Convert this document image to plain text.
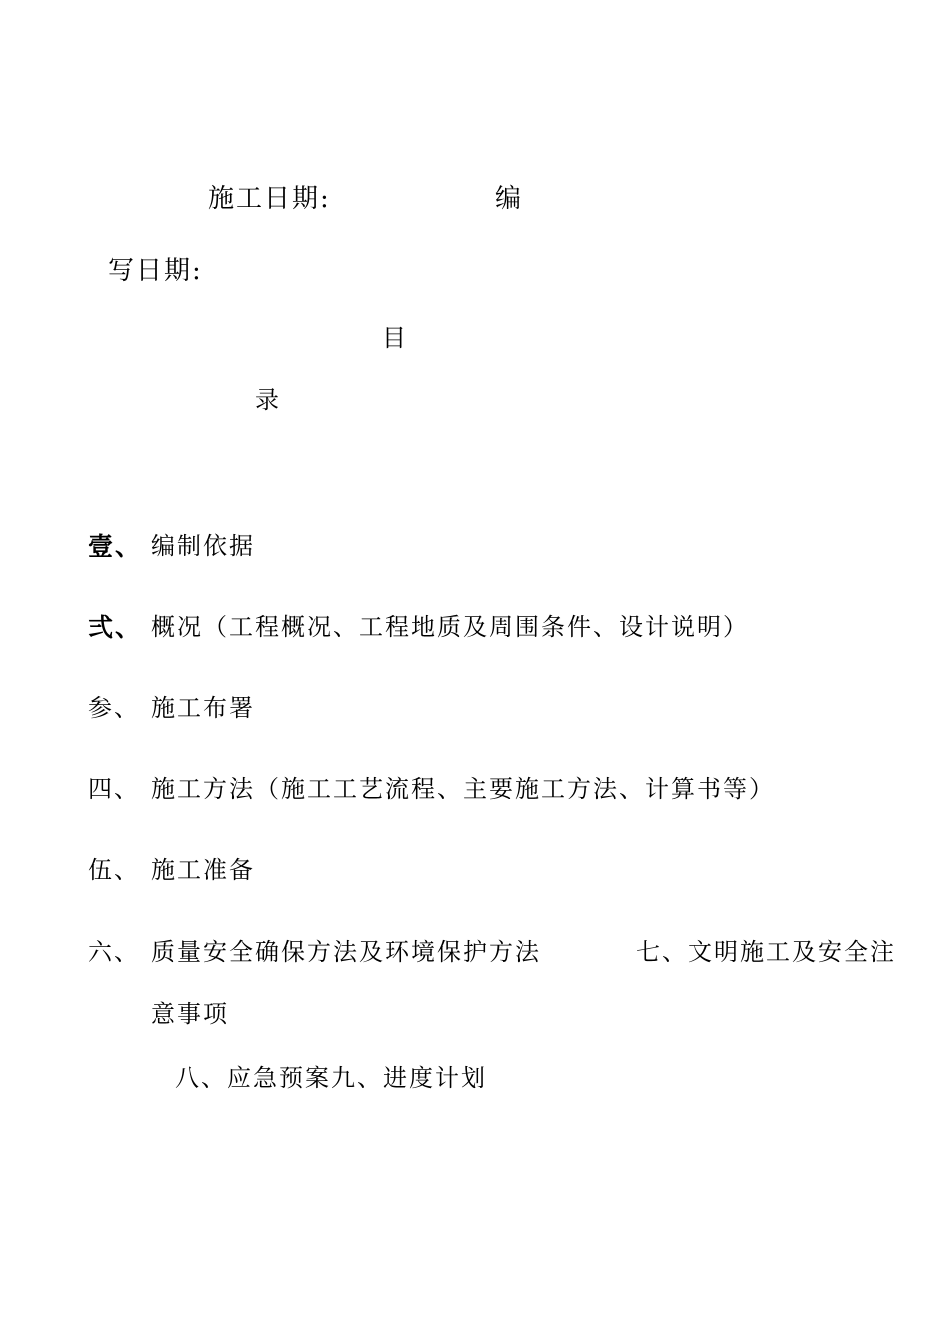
施工日期:	编
写日期:
目
录
壹、 编制依据
弍、 概况（工程概况、工程地质及周围条件、设计说明）
参、 施工布署
四、 施工方法（施工工艺流程、主要施工方法、计算书等）
伍、 施工准备
六、 质量安全确保方法及环境保护方法	七、文明施工及安全注
意事项
八、应急预案九、进度计划
